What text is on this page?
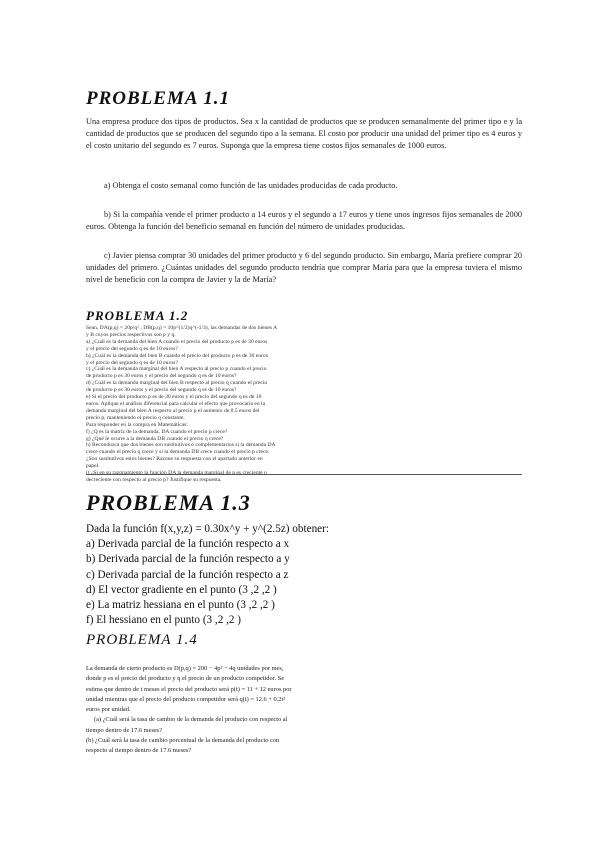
PROBLEMA 1.1

Una empresa produce dos tipos de productos. Sea x la cantidad de productos que se producen semanalmente del primer tipo e y la cantidad de productos que se producen del segundo tipo a la semana. El costo por producir una unidad del primer tipo es 4 euros y el costo unitario del segundo es 7 euros. Suponga que la empresa tiene costos fijos semanales de 1000 euros.

a) Obtenga el costo semanal como función de las unidades producidas de cada producto.

b) Si la compañía vende el primer producto a 14 euros y el segundo a 17 euros y tiene unos ingresos fijos semanales de 2000 euros. Obtenga la función del beneficio semanal en función del número de unidades producidas.

c) Javier piensa comprar 30 unidades del primer producto y 6 del segundo producto. Sin embargo, María prefiere comprar 20 unidades del primero. ¿Cuántas unidades del segundo producto tendría que comprar María para que la empresa tuviera el mismo nivel de beneficio con la compra de Javier y la de María?

PROBLEMA 1.2
Sean, DA(p,q) = 20p/q² ; DB(p,q) = 10p^(1/2)q^(-1/3), las demandas de dos bienes A
y B cuyos precios respectivos son p y q.
a) ¿Cuál es la demanda del bien A cuando el precio del producto p es de 30 euros
y el precio del segundo q es de 10 euros?
b) ¿Cuál es la demanda del bien B cuando el precio del producto p es de 30 euros
y el precio del segundo q es de 10 euros?
c) ¿Cuál es la demanda marginal del bien A respecto al precio p cuando el precio
de producto p es 30 euros y el precio del segundo q es de 10 euros?
d) ¿Cuál es la demanda marginal del bien B respecto al precio q cuando el precio
de producto p es 30 euros y el precio del segundo q es de 10 euros?
e) Si el precio del producto p es de 30 euros y el precio del segundo q es de 10
euros. Aplique el análisis diferencial para calcular el efecto que provocaría en la
demanda marginal del bien A respecto al precio p el aumento de 0.5 euros del
precio p, manteniendo el precio q constante.
Para responder en la compra en Matemáticas:
f) ¿Q es la matriz de la demanda, DA cuando el precio p crece?
g) ¿Qué le ocurre a la demanda DB cuando el precio q crece?
h) Reconduzca que dos bienes son sustitutivos o complementarios si la demanda DA
crece cuando el precio q crece y si la demanda DB crece cuando el precio p crece.
¿Son sustitutivos estos bienes? Razone su respuesta con el apartado anterior en
papel.
i) ¿Si en su razonamiento la función DA la demanda marginal de p es creciente o
decreciente con respecto al precio p? Justifique su respuesta.
PROBLEMA 1.3
Dada la función f(x,y,z) = 0.30x^y + y^(2.5z) obtener:
a) Derivada parcial de la función respecto a x
b) Derivada parcial de la función respecto a y
c) Derivada parcial de la función respecto a z
d) El vector gradiente en el punto (3 ,2 ,2 )
e) La matriz hessiana en el punto (3 ,2 ,2 )
f) El hessiano en el punto (3 ,2 ,2 )
PROBLEMA 1.4
La demanda de cierto producto es D(p,q) = 200 − 4p² − 4q unidades por mes,
donde p es el precio del producto y q el precio de un producto competidor. Se
estima que dentro de t meses el precio del producto será p(t) = 11 + 12 euros por
unidad mientras que el precio del producto competidor será q(t) = 12.6 + 0.2t²
euros por unidad.
(a) ¿Cuál será la tasa de cambio de la demanda del producto con respecto al
tiempo dentro de 17.6 meses?
(b) ¿Cuál será la tasa de cambio porcentual de la demanda del producto con
respecto al tiempo dentro de 17.6 meses?
